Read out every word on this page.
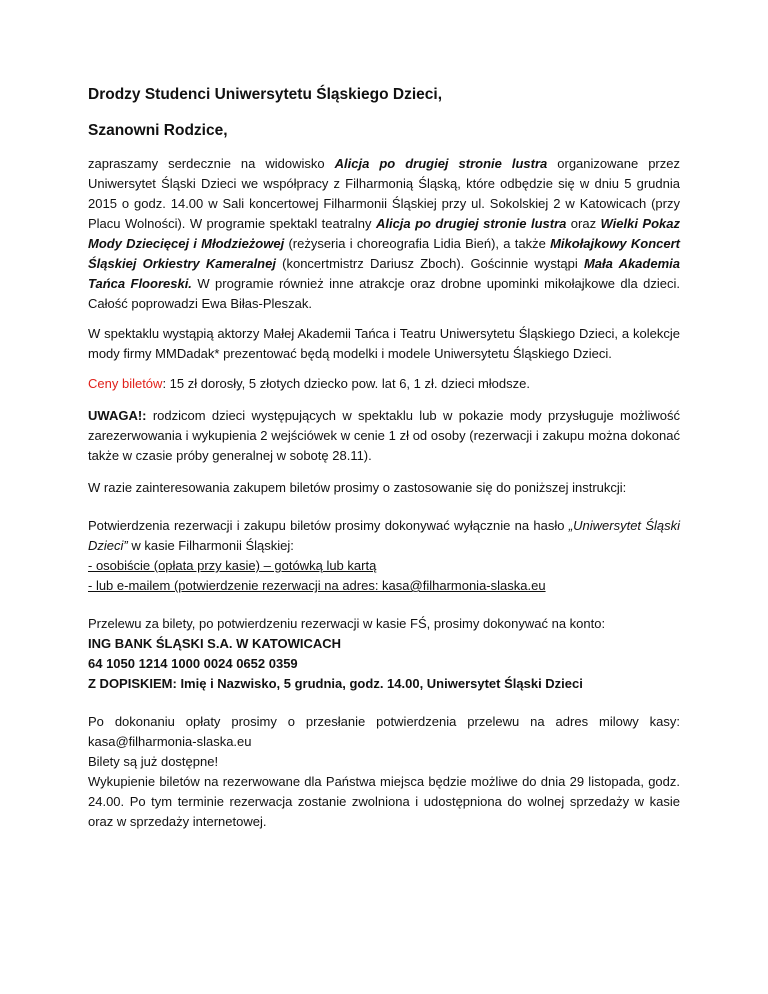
Drodzy Studenci Uniwersytetu Śląskiego Dzieci,
Szanowni Rodzice,

zapraszamy serdecznie na widowisko Alicja po drugiej stronie lustra organizowane przez Uniwersytet Śląski Dzieci we współpracy z Filharmonią Śląską, które odbędzie się w dniu 5 grudnia 2015 o godz. 14.00 w Sali koncertowej Filharmonii Śląskiej przy ul. Sokolskiej 2 w Katowicach (przy Placu Wolności). W programie spektakl teatralny Alicja po drugiej stronie lustra oraz Wielki Pokaz Mody Dziecięcej i Młodzieżowej (reżyseria i choreografia Lidia Bień), a także Mikołajkowy Koncert Śląskiej Orkiestry Kameralnej (koncertmistrz Dariusz Zboch). Gościnnie wystąpi Mała Akademia Tańca Flooreski. W programie również inne atrakcje oraz drobne upominki mikołajkowe dla dzieci. Całość poprowadzi Ewa Biłas-Pleszak.

W spektaklu wystąpią aktorzy Małej Akademii Tańca i Teatru Uniwersytetu Śląskiego Dzieci, a kolekcje mody firmy MMDadak* prezentować będą modelki i modele Uniwersytetu Śląskiego Dzieci.

Ceny biletów: 15 zł dorosły, 5 złotych dziecko pow. lat 6, 1 zł. dzieci młodsze.

UWAGA!: rodzicom dzieci występujących w spektaklu lub w pokazie mody przysługuje możliwość zarezerwowania i wykupienia 2 wejściówek w cenie 1 zł od osoby (rezerwacji i zakupu można dokonać także w czasie próby generalnej w sobotę 28.11).

W razie zainteresowania zakupem biletów prosimy o zastosowanie się do poniższej instrukcji:

Potwierdzenia rezerwacji i zakupu biletów prosimy dokonywać wyłącznie na hasło „Uniwersytet Śląski Dzieci” w kasie Filharmonii Śląskiej:

- osobiście (opłata przy kasie) – gotówką lub kartą

- lub e-mailem (potwierdzenie rezerwacji na adres: kasa@filharmonia-slaska.eu

Przelewu za bilety, po potwierdzeniu rezerwacji w kasie FŚ, prosimy dokonywać na konto:

ING BANK ŚLĄSKI S.A. W KATOWICACH

64 1050 1214 1000 0024 0652 0359

Z DOPISKIEM: Imię i Nazwisko, 5 grudnia, godz. 14.00, Uniwersytet Śląski Dzieci

Po dokonaniu opłaty prosimy o przesłanie potwierdzenia przelewu na adres milowy kasy: kasa@filharmonia-slaska.eu

Bilety są już dostępne!

Wykupienie biletów na rezerwowane dla Państwa miejsca będzie możliwe do dnia 29 listopada, godz. 24.00. Po tym terminie rezerwacja zostanie zwolniona i udostępniona do wolnej sprzedaży w kasie oraz w sprzedaży internetowej.
